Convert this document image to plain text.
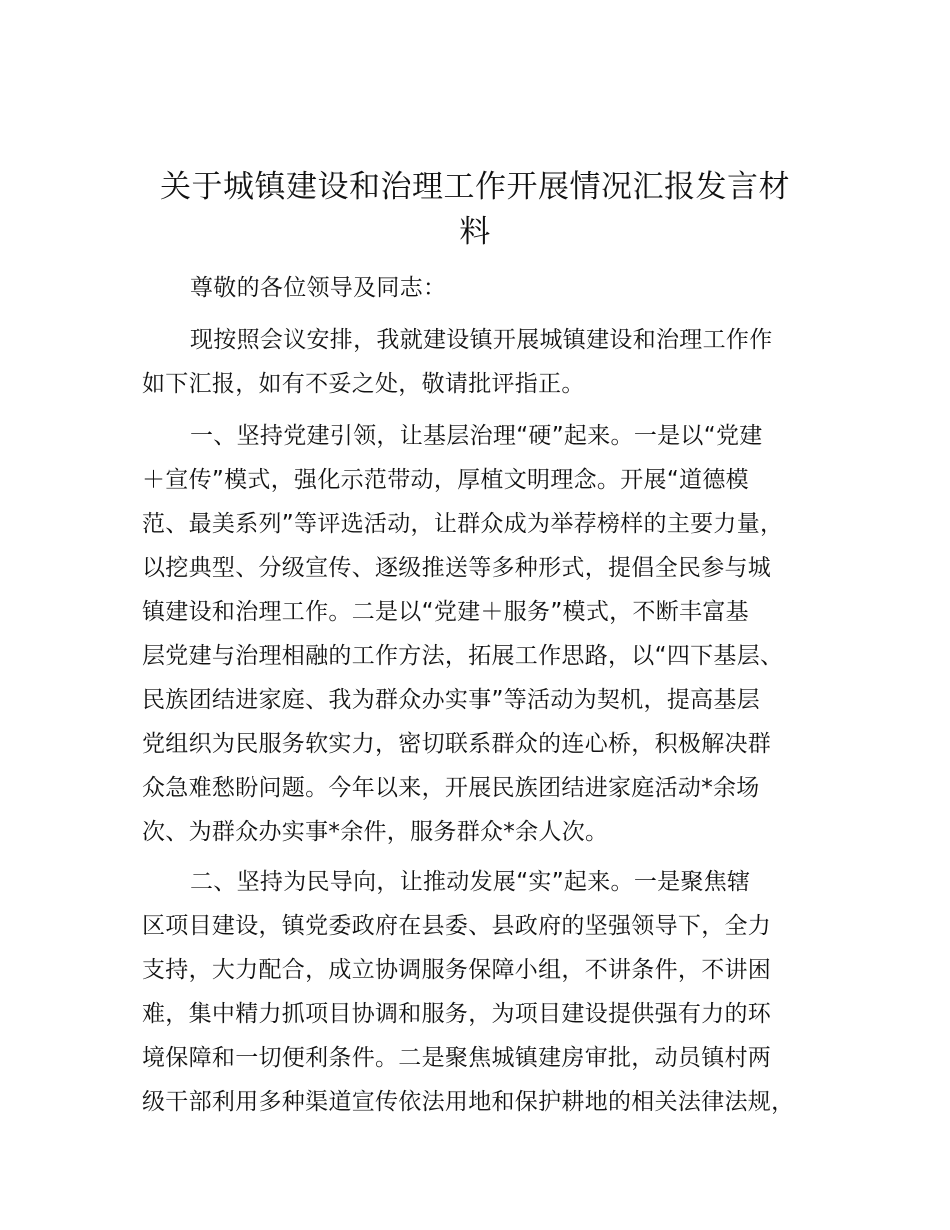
关于城镇建设和治理工作开展情况汇报发言材
料
尊敬的各位领导及同志：
现按照会议安排，我就建设镇开展城镇建设和治理工作作
如下汇报，如有不妥之处，敬请批评指正。
一、坚持党建引领，让基层治理“硬”起来。一是以“党建
＋宣传”模式，强化示范带动，厚植文明理念。开展“道德模
范、最美系列”等评选活动，让群众成为举荐榜样的主要力量，
以挖典型、分级宣传、逐级推送等多种形式，提倡全民参与城
镇建设和治理工作。二是以“党建＋服务”模式，不断丰富基
层党建与治理相融的工作方法，拓展工作思路，以“四下基层、
民族团结进家庭、我为群众办实事”等活动为契机，提高基层
党组织为民服务软实力，密切联系群众的连心桥，积极解决群
众急难愁盼问题。今年以来，开展民族团结进家庭活动*余场
次、为群众办实事*余件，服务群众*余人次。
二、坚持为民导向，让推动发展“实”起来。一是聚焦辖
区项目建设，镇党委政府在县委、县政府的坚强领导下，全力
支持，大力配合，成立协调服务保障小组，不讲条件，不讲困
难，集中精力抓项目协调和服务，为项目建设提供强有力的环
境保障和一切便利条件。二是聚焦城镇建房审批，动员镇村两
级干部利用多种渠道宣传依法用地和保护耕地的相关法律法规，
